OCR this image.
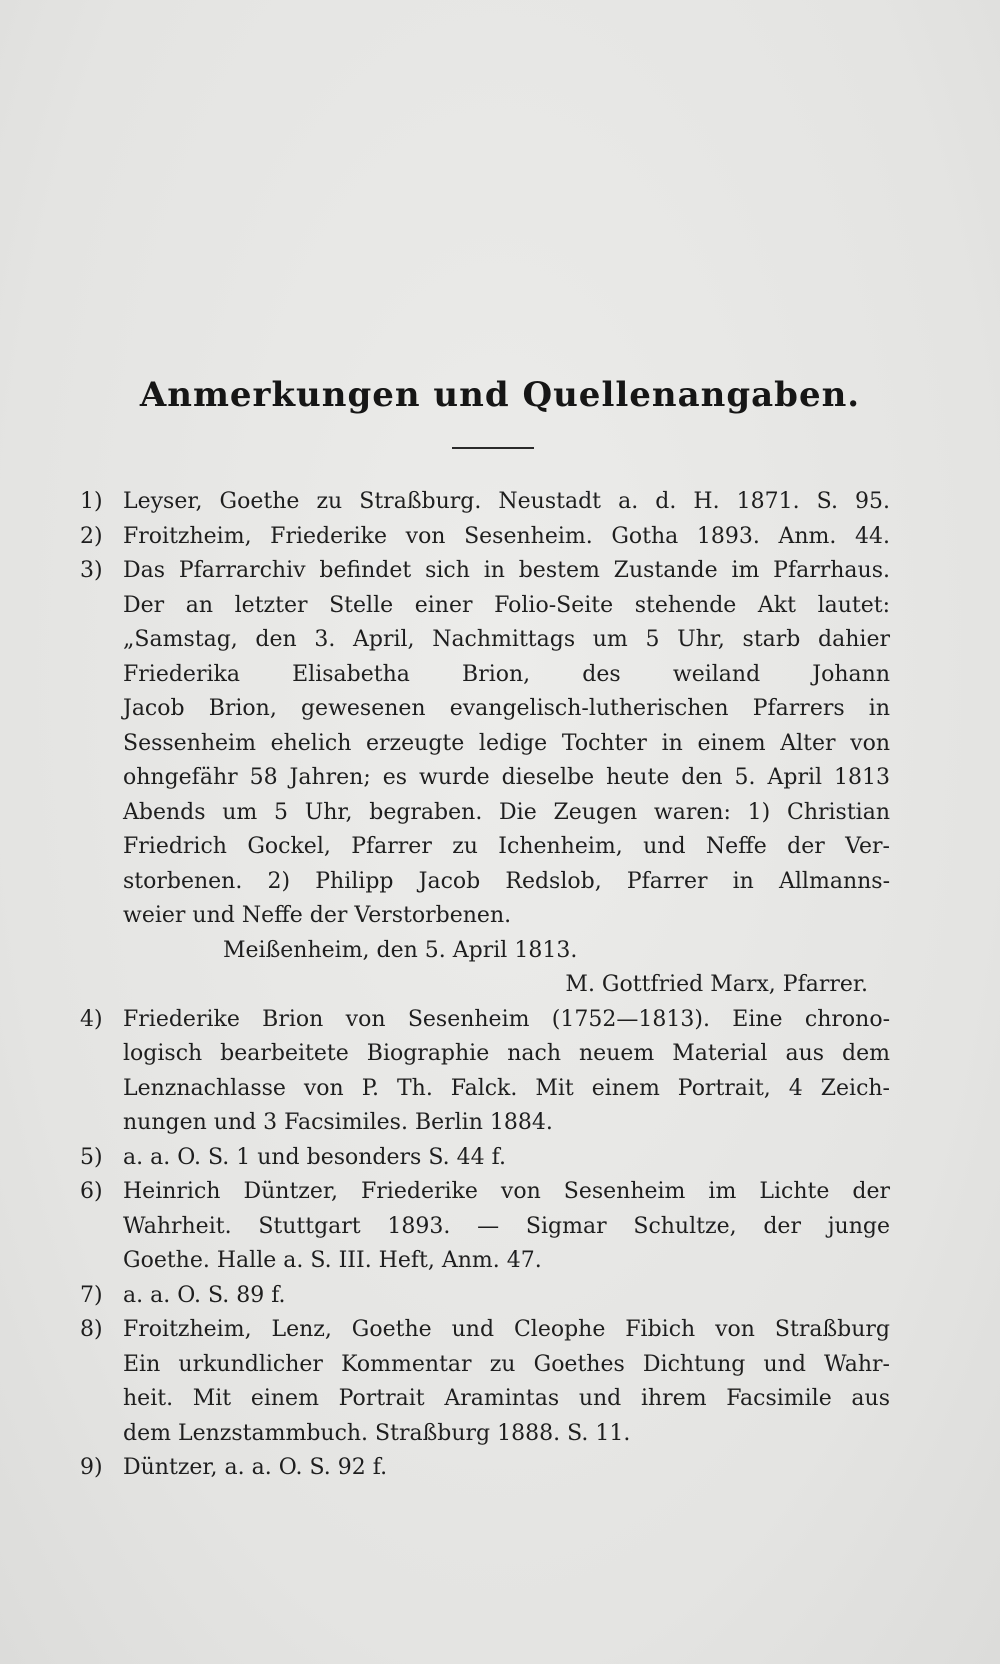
Anmerkungen und Quellenangaben.
1) Leyser, Goethe zu Straßburg. Neustadt a. d. H. 1871. S. 95.
2) Froitzheim, Friederike von Sesenheim. Gotha 1893. Anm. 44.
3) Das Pfarrarchiv befindet sich in bestem Zustande im Pfarrhaus.
Der an letzter Stelle einer Folio-Seite stehende Akt lautet:
„Samstag, den 3. April, Nachmittags um 5 Uhr, starb dahier
Friederika Elisabetha Brion, des weiland Johann
Jacob Brion, gewesenen evangelisch-lutherischen Pfarrers in
Sessenheim ehelich erzeugte ledige Tochter in einem Alter von
ohngefähr 58 Jahren; es wurde dieselbe heute den 5. April 1813
Abends um 5 Uhr, begraben. Die Zeugen waren: 1) Christian
Friedrich Gockel, Pfarrer zu Ichenheim, und Neffe der Ver-
storbenen. 2) Philipp Jacob Redslob, Pfarrer in Allmanns-
weier und Neffe der Verstorbenen.
Meißenheim, den 5. April 1813.
M. Gottfried Marx, Pfarrer.
4) Friederike Brion von Sesenheim (1752—1813). Eine chrono-
logisch bearbeitete Biographie nach neuem Material aus dem
Lenznachlasse von P. Th. Falck. Mit einem Portrait, 4 Zeich-
nungen und 3 Facsimiles. Berlin 1884.
5) a. a. O. S. 1 und besonders S. 44 f.
6) Heinrich Düntzer, Friederike von Sesenheim im Lichte der
Wahrheit. Stuttgart 1893. — Sigmar Schultze, der junge
Goethe. Halle a. S. III. Heft, Anm. 47.
7) a. a. O. S. 89 f.
8) Froitzheim, Lenz, Goethe und Cleophe Fibich von Straßburg
Ein urkundlicher Kommentar zu Goethes Dichtung und Wahr-
heit. Mit einem Portrait Aramintas und ihrem Facsimile aus
dem Lenzstammbuch. Straßburg 1888. S. 11.
9) Düntzer, a. a. O. S. 92 f.
